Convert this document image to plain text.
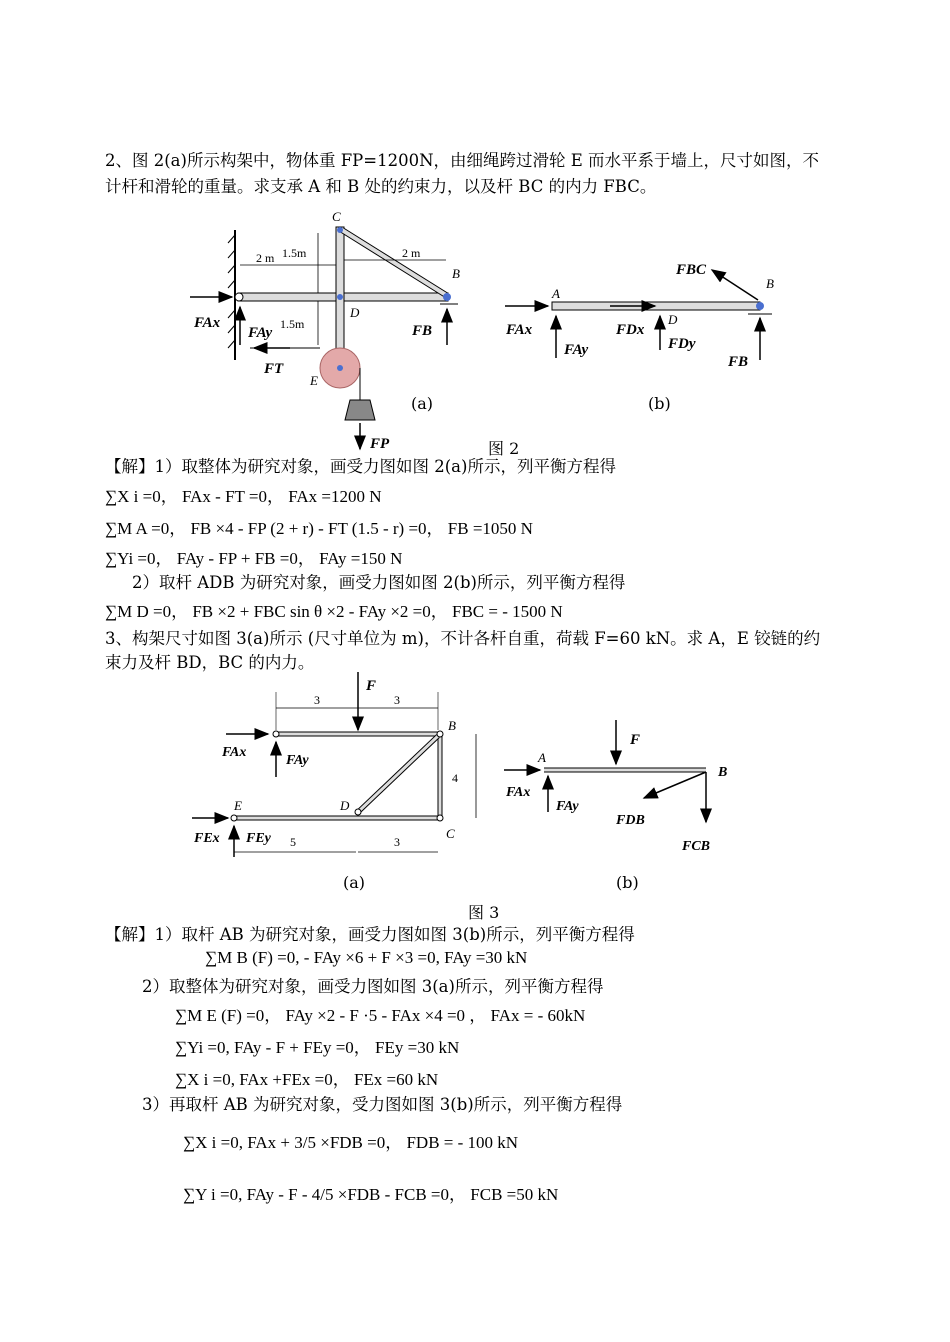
2、图 2(a)所示构架中，物体重 FP=1200N，由细绳跨过滑轮 E 而水平系于墙上，尺寸如图，不
计杆和滑轮的重量。求支承 A 和 B 处的约束力，以及杆 BC 的内力 FBC。
C
D
E
B
2 m 1.5m	2 m
1.5m
FAx
FAy
FT
FB
FP
A
B
D
FBC
FAx
FAy
FDx
FDy
FB
(a)	(b)
图 2
【解】1）取整体为研究对象，画受力图如图 2(a)所示，列平衡方程得
∑X i =0， FAx - FT =0， FAx =1200 N
∑M A =0， FB ×4 - FP (2 + r) - FT (1.5 - r) =0， FB =1050 N
∑Yi =0， FAy - FP + FB =0， FAy =150 N
2）取杆 ADB 为研究对象，画受力图如图 2(b)所示，列平衡方程得
∑M D =0， FB ×2 + FBC sin θ ×2 - FAy ×2 =0， FBC = - 1500 N
3、构架尺寸如图 3(a)所示 (尺寸单位为 m)，不计各杆自重，荷载 F=60 kN。求 A，E 铰链的约
束力及杆 BD，BC 的内力。
F
B
C
D
E
3	3
4
5	3
FAx
FAy
FEx FEy
A
B
F
FAx
FAy
FDB
FCB
(a)	(b)
图 3
【解】1）取杆 AB 为研究对象，画受力图如图 3(b)所示，列平衡方程得
∑M B (F) =0, - FAy ×6 + F ×3 =0, FAy =30 kN
2）取整体为研究对象，画受力图如图 3(a)所示，列平衡方程得
∑M E (F) =0， FAy ×2 - F ·5 - FAx ×4 =0 ， FAx = - 60kN
∑Yi =0, FAy - F + FEy =0， FEy =30 kN
∑X i =0, FAx +FEx =0， FEx =60 kN
3）再取杆 AB 为研究对象，受力图如图 3(b)所示，列平衡方程得
∑X i =0, FAx + 3/5 ×FDB =0， FDB = - 100 kN
∑Y i =0, FAy - F - 4/5 ×FDB - FCB =0， FCB =50 kN
